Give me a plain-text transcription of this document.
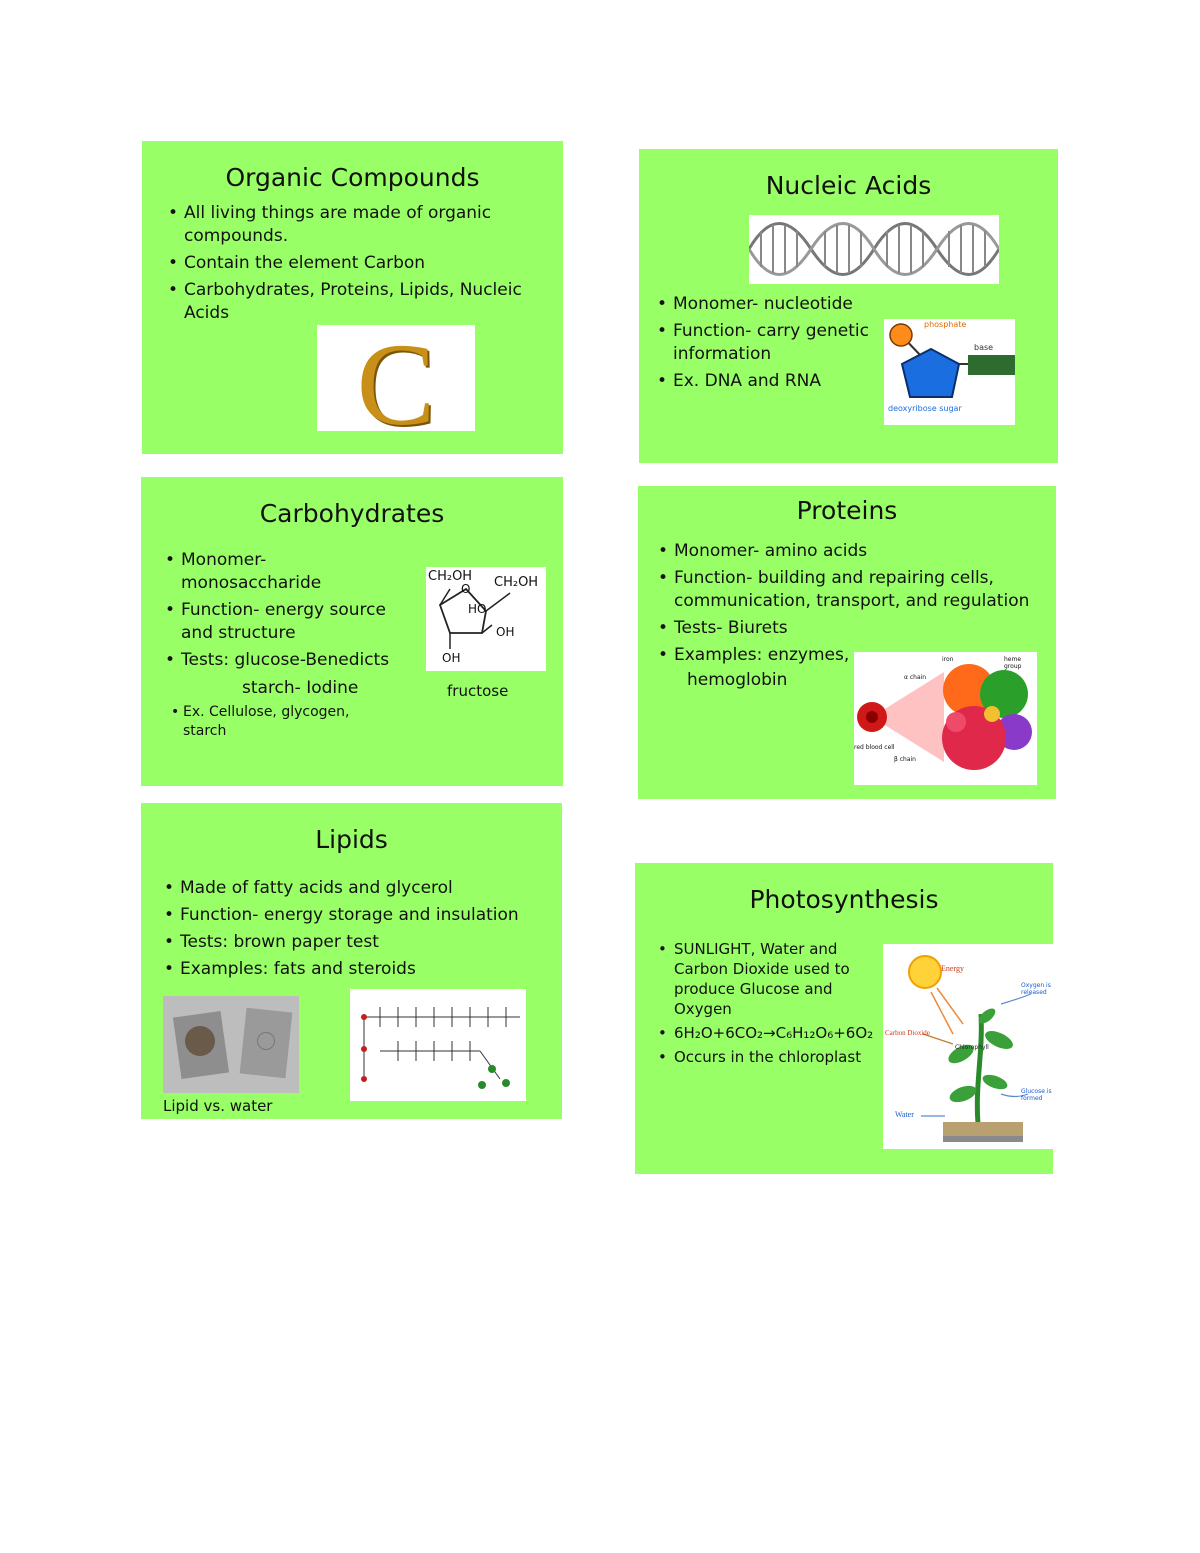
Organic Compounds
• All living things are made of organic compounds.
• Contain the element Carbon
• Carbohydrates, Proteins, Lipids, Nucleic Acids
C
Nucleic Acids
• Monomer- nucleotide
• Function- carry genetic information
• Ex. DNA and RNA
phosphate
base
deoxyribose sugar
Carbohydrates
• Monomer- monosaccharide
• Function- energy source and structure
• Tests: glucose-Benedicts
starch- Iodine
• Ex. Cellulose, glycogen, starch
CH₂OH CH₂OH
O
HO
OH
OH
fructose
Proteins
• Monomer- amino acids
• Function- building and repairing cells, communication, transport, and regulation
• Tests- Biurets
• Examples: enzymes,
hemoglobin
red blood cell
α chain
β chain
heme group
iron
Lipids
• Made of fatty acids and glycerol
• Function- energy storage and insulation
• Tests: brown paper test
• Examples: fats and steroids
Lipid vs. water
Photosynthesis
• SUNLIGHT, Water and Carbon Dioxide used to produce Glucose and Oxygen
• 6H₂O+6CO₂→C₆H₁₂O₆+6O₂
• Occurs in the chloroplast
Energy
Carbon Dioxide
Chlorophyll
Water
Oxygen is released
Glucose is formed
